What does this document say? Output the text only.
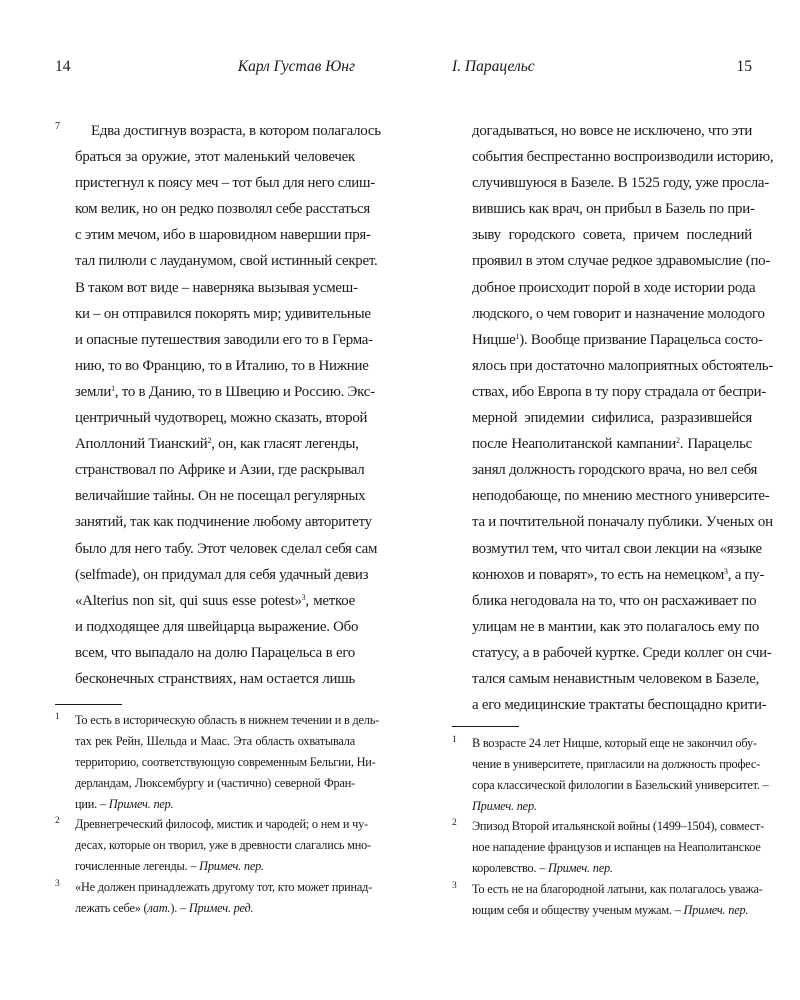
14	Карл Густав Юнг
7	Едва достигнув возраста, в котором полагалось
браться за оружие, этот маленький человечек
пристегнул к поясу меч – тот был для него слиш-
ком велик, но он редко позволял себе расстаться
с этим мечом, ибо в шаровидном навершии пря-
тал пилюли с лауданумом, свой истинный секрет.
В таком вот виде – наверняка вызывая усмеш-
ки – он отправился покорять мир; удивительные
и опасные путешествия заводили его то в Герма-
нию, то во Францию, то в Италию, то в Нижние
земли$^1$, то в Данию, то в Швецию и Россию. Экс-
центричный чудотворец, можно сказать, второй
Аполлоний Тианский$^2$, он, как гласят легенды,
странствовал по Африке и Азии, где раскрывал
величайшие тайны. Он не посещал регулярных
занятий, так как подчинение любому авторитету
было для него табу. Этот человек сделал себя сам
(selfmade), он придумал для себя удачный девиз
«Alterius non sit, qui suus esse potest»$^3$, меткое
и подходящее для швейцарца выражение. Обо
всем, что выпадало на долю Парацельса в его
бесконечных странствиях, нам остается лишь
1 То есть в историческую область в нижнем течении и в дель-
тах рек Рейн, Шельда и Маас. Эта область охватывала
территорию, соответствующую современным Бельгии, Ни-
дерландам, Люксембургу и (частично) северной Фран-
ции. – Примеч. пер.
2 Древнегреческий философ, мистик и чародей; о нем и чу-
десах, которые он творил, уже в древности слагались мно-
гочисленные легенды. – Примеч. пер.
3 «Не должен принадлежать другому тот, кто может принад-
лежать себе» (лат.). – Примеч. ред.
I. Парацельс	15
догадываться, но вовсе не исключено, что эти
события беспрестанно воспроизводили историю,
случившуюся в Базеле. В 1525 году, уже просла-
вившись как врач, он прибыл в Базель по при-
зыву городского совета, причем последний
проявил в этом случае редкое здравомыслие (по-
добное происходит порой в ходе истории рода
людского, о чем говорит и назначение молодого
Ницше$^1$). Вообще призвание Парацельса состо-
ялось при достаточно малоприятных обстоятель-
ствах, ибо Европа в ту пору страдала от беспри-
мерной эпидемии сифилиса, разразившейся
после Неаполитанской кампании$^2$. Парацельс
занял должность городского врача, но вел себя
неподобающе, по мнению местного университе-
та и почтительной поначалу публики. Ученых он
возмутил тем, что читал свои лекции на «языке
конюхов и поварят», то есть на немецком$^3$, а пу-
блика негодовала на то, что он расхаживает по
улицам не в мантии, как это полагалось ему по
статусу, а в рабочей куртке. Среди коллег он счи-
тался самым ненавистным человеком в Базеле,
а его медицинские трактаты беспощадно крити-
1 В возрасте 24 лет Ницше, который еще не закончил обу-
чение в университете, пригласили на должность профес-
сора классической филологии в Базельский университет. –
Примеч. пер.
2 Эпизод Второй итальянской войны (1499–1504), совмест-
ное нападение французов и испанцев на Неаполитанское
королевство. – Примеч. пер.
3 То есть не на благородной латыни, как полагалось уважа-
ющим себя и обществу ученым мужам. – Примеч. пер.
